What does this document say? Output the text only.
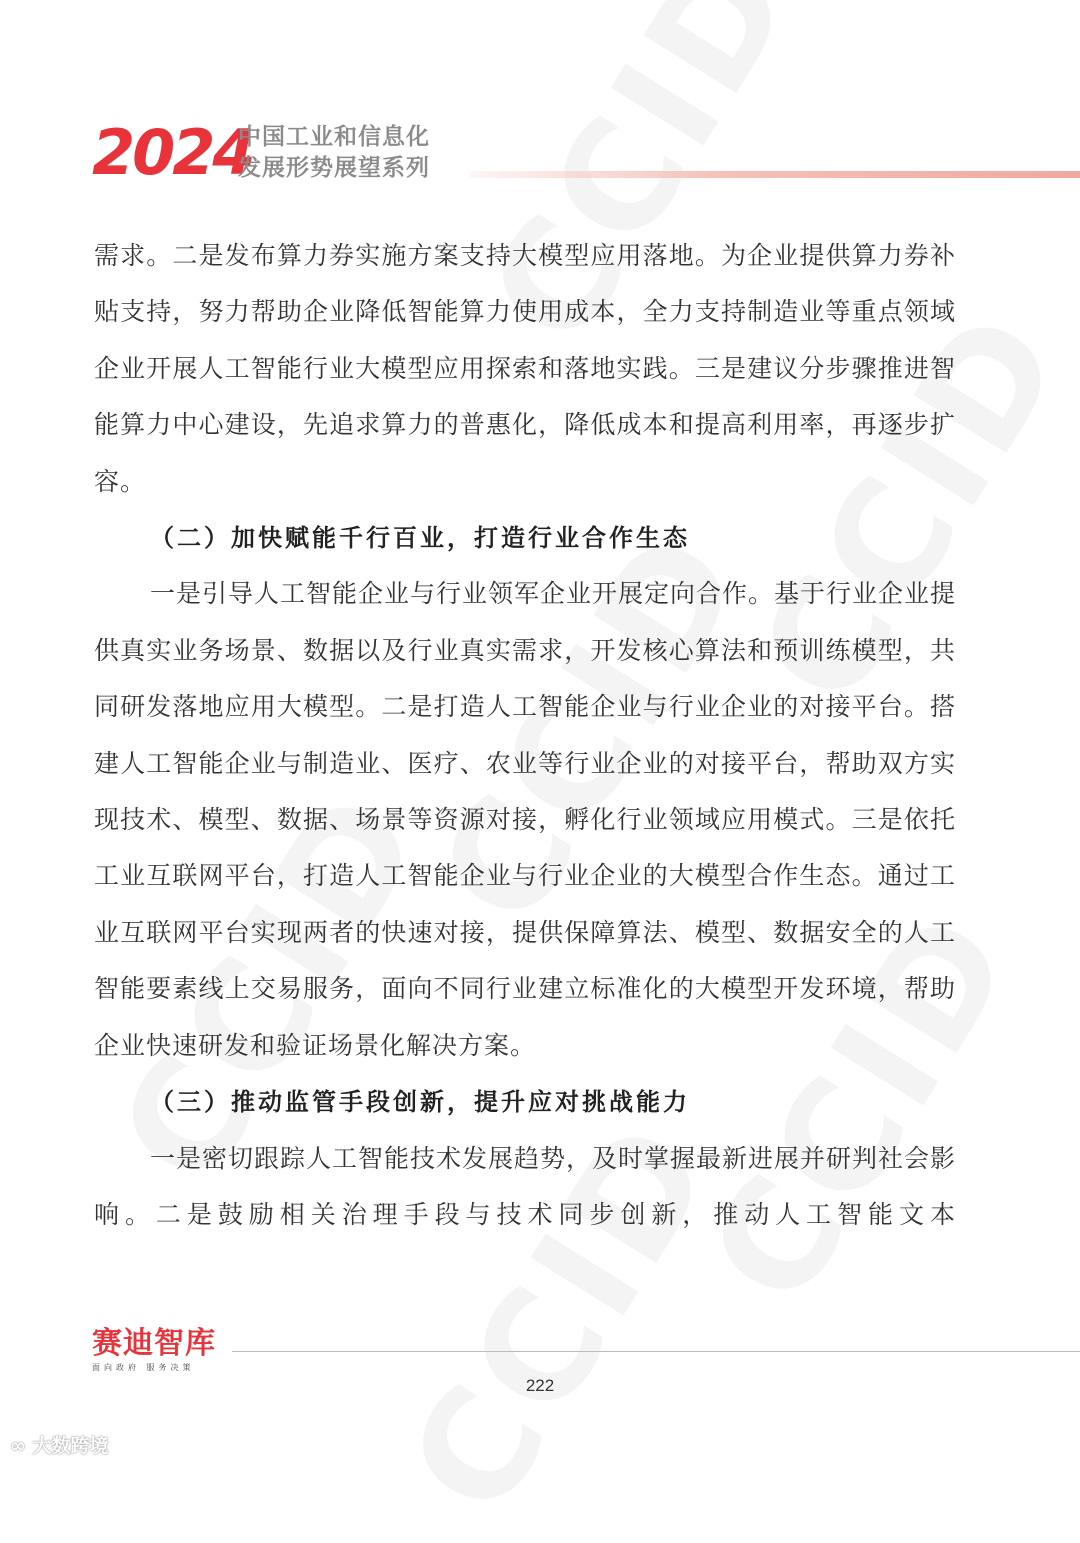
2024
中国工业和信息化
发展形势展望系列

需求。二是发布算力券实施方案支持大模型应用落地。为企业提供算力券补贴支持，努力帮助企业降低智能算力使用成本，全力支持制造业等重点领域企业开展人工智能行业大模型应用探索和落地实践。三是建议分步骤推进智能算力中心建设，先追求算力的普惠化，降低成本和提高利用率，再逐步扩容。

（二）加快赋能千行百业，打造行业合作生态

一是引导人工智能企业与行业领军企业开展定向合作。基于行业企业提供真实业务场景、数据以及行业真实需求，开发核心算法和预训练模型，共同研发落地应用大模型。二是打造人工智能企业与行业企业的对接平台。搭建人工智能企业与制造业、医疗、农业等行业企业的对接平台，帮助双方实现技术、模型、数据、场景等资源对接，孵化行业领域应用模式。三是依托工业互联网平台，打造人工智能企业与行业企业的大模型合作生态。通过工业互联网平台实现两者的快速对接，提供保障算法、模型、数据安全的人工智能要素线上交易服务，面向不同行业建立标准化的大模型开发环境，帮助企业快速研发和验证场景化解决方案。

（三）推动监管手段创新，提升应对挑战能力

一是密切跟踪人工智能技术发展趋势，及时掌握最新进展并研判社会影响。二是鼓励相关治理手段与技术同步创新，推动人工智能文本

赛迪智库
面向政府 服务决策
222
∞ 大数跨境
